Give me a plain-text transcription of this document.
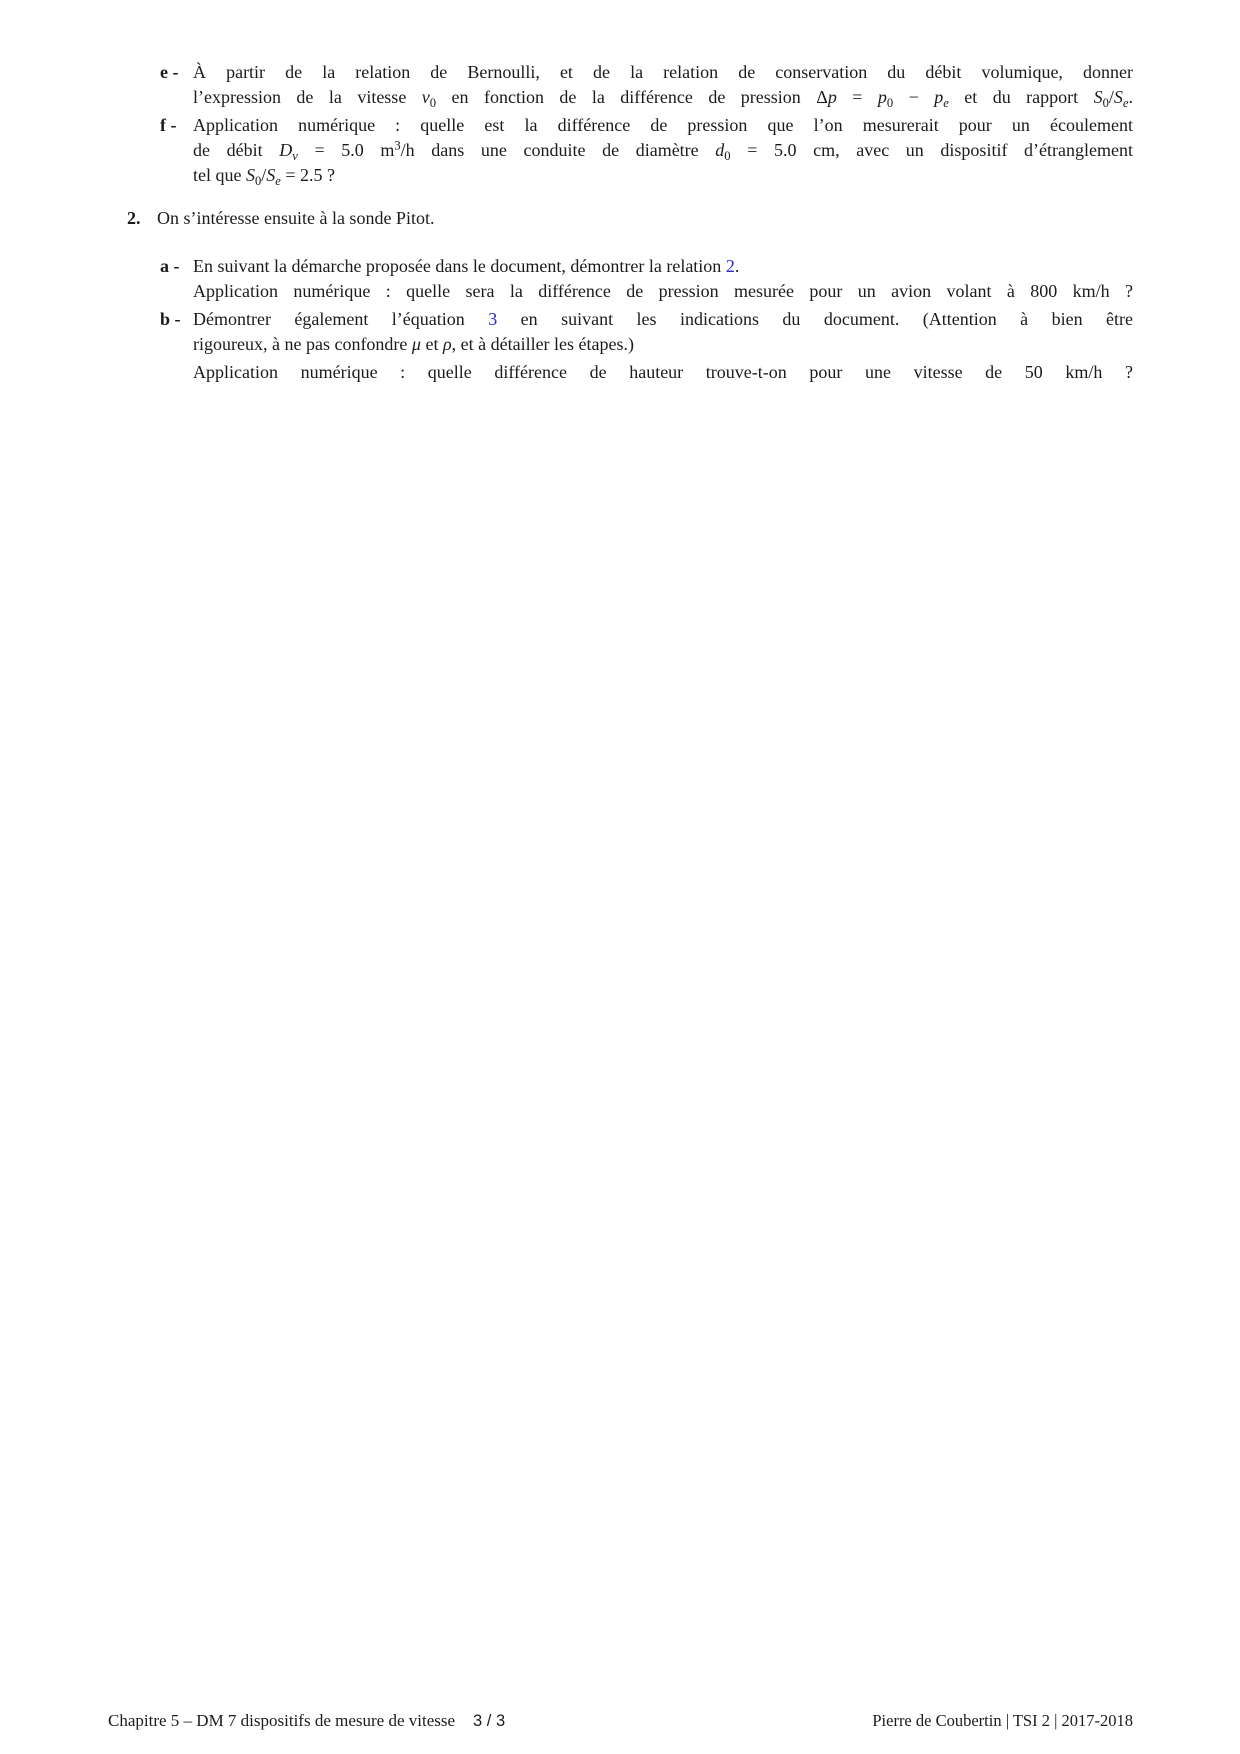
e - À partir de la relation de Bernoulli, et de la relation de conservation du débit volumique, donner
l’expression de la vitesse $v_0$ en fonction de la différence de pression $\Delta p = p_0 - p_e$ et du rapport $S_0/S_e$.
f - Application numérique : quelle est la différence de pression que l’on mesurerait pour un écoulement
de débit $D_v = 5.0$ $m^3/h$ dans une conduite de diamètre $d_0 = 5.0$ cm, avec un dispositif d’étranglement
tel que $S_0/S_e = 2.5$ ?
2. On s’intéresse ensuite à la sonde Pitot.
a - En suivant la démarche proposée dans le document, démontrer la relation 2.
Application numérique : quelle sera la différence de pression mesurée pour un avion volant à 800 km/h ?
b - Démontrer également l’équation 3 en suivant les indications du document. (Attention à bien être
rigoureux, à ne pas confondre μ et ρ, et à détailler les étapes.)
Application numérique : quelle différence de hauteur trouve-t-on pour une vitesse de 50 km/h ?
Chapitre 5 – DM 7 dispositifs de mesure de vitesse 3 / 3	Pierre de Coubertin | TSI 2 | 2017-2018
